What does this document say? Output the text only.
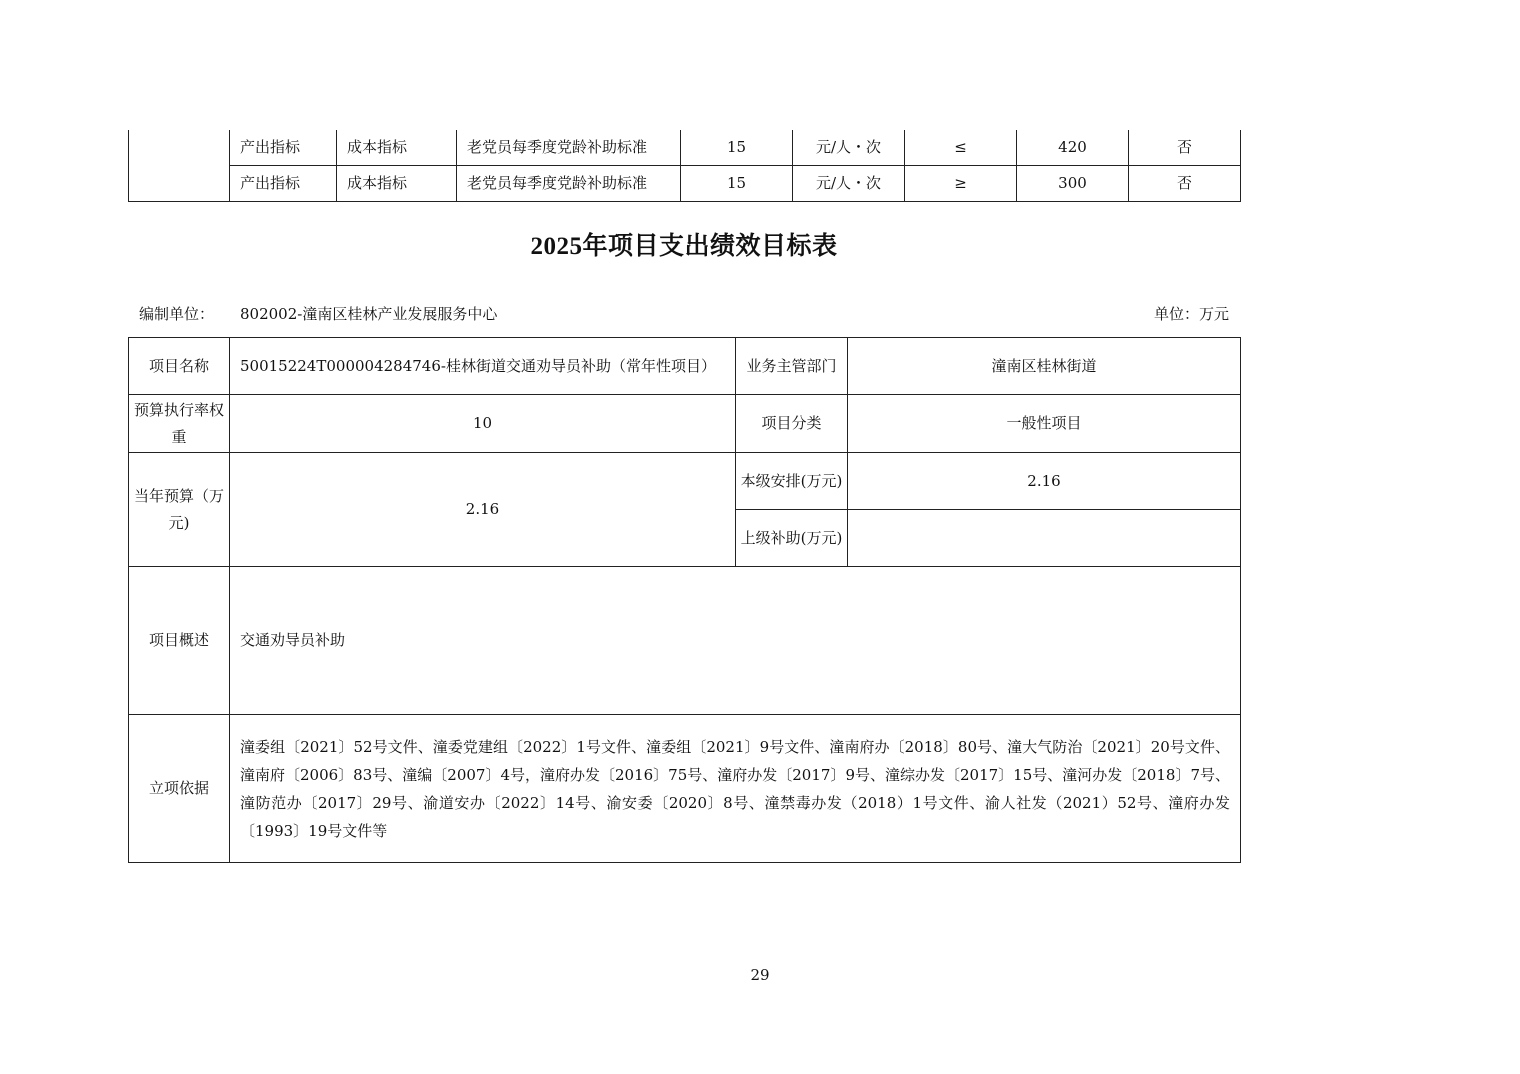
	产出指标	成本指标	老党员每季度党龄补助标准	15	元/人・次	≤	420	否
	产出指标	成本指标	老党员每季度党龄补助标准	15	元/人・次	≥	300	否
2025年项目支出绩效目标表
编制单位： 802002-潼南区桂林产业发展服务中心	单位：万元
项目名称	50015224T000004284746-桂林街道交通劝导员补助（常年性项目）	业务主管部门	潼南区桂林街道
预算执行率权重	10	项目分类	一般性项目
当年预算（万元)	2.16	本级安排(万元)	2.16
		上级补助(万元)	
项目概述	交通劝导员补助		
立项依据	潼委组〔2021〕52号文件、潼委党建组〔2022〕1号文件、潼委组〔2021〕9号文件、潼南府办〔2018〕80号、潼大气防治〔2021〕20号文件、潼南府〔2006〕83号、潼编〔2007〕4号，潼府办发〔2016〕75号、潼府办发〔2017〕9号、潼综办发〔2017〕15号、潼河办发〔2018〕7号、潼防范办〔2017〕29号、渝道安办〔2022〕14号、渝安委〔2020〕8号、潼禁毒办发（2018）1号文件、渝人社发（2021）52号、潼府办发〔1993〕19号文件等		
29
